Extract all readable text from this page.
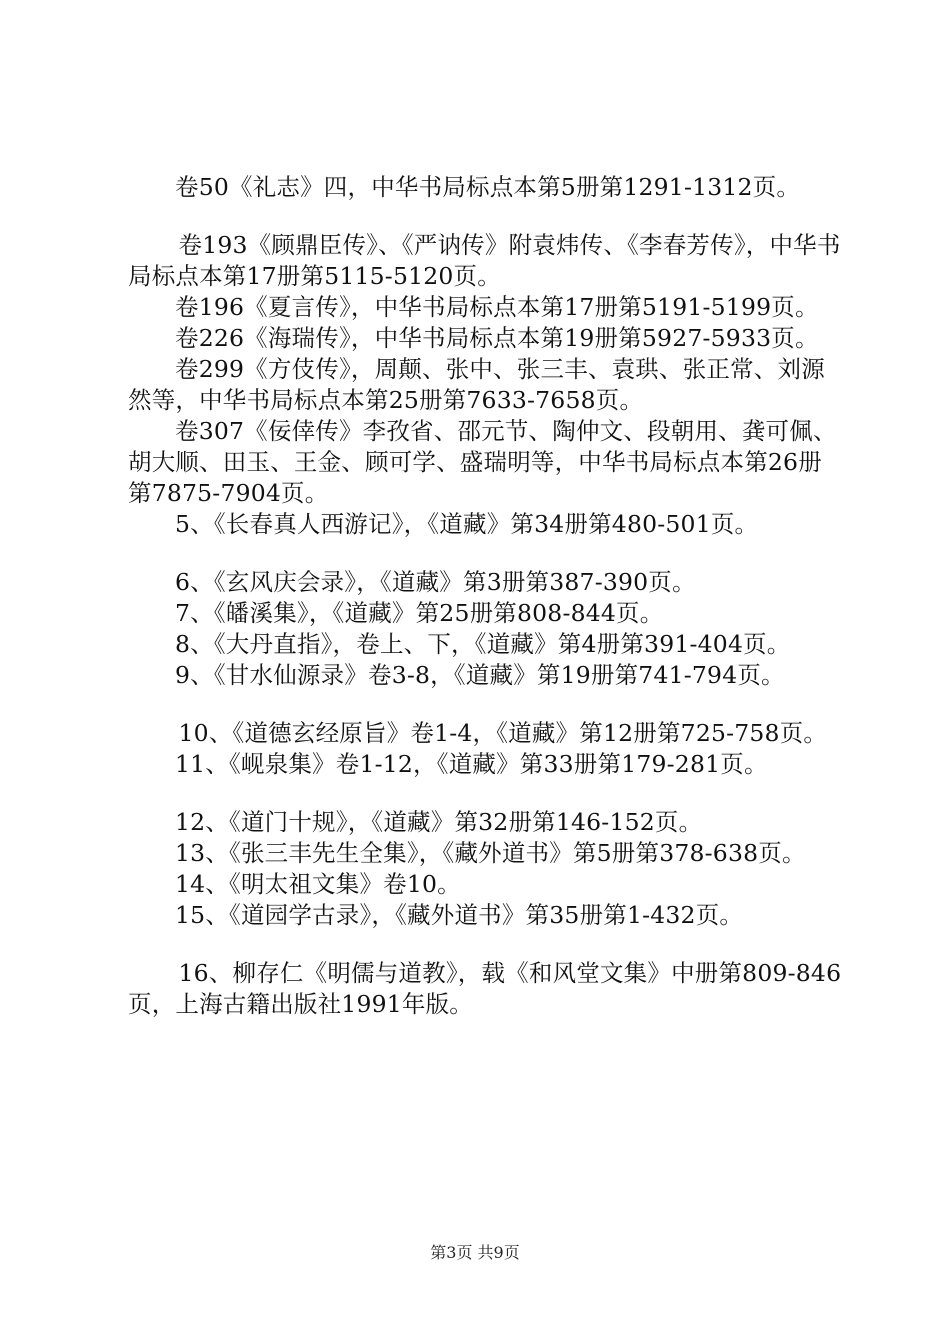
卷50《礼志》四，中华书局标点本第5册第1291-1312页。

卷193《顾鼎臣传》、《严讷传》附袁炜传、《李春芳传》，中华书局标点本第17册第5115-5120页。

卷196《夏言传》，中华书局标点本第17册第5191-5199页。

卷226《海瑞传》，中华书局标点本第19册第5927-5933页。

卷299《方伎传》，周颠、张中、张三丰、袁珙、张正常、刘源然等，中华书局标点本第25册第7633-7658页。

卷307《佞倖传》李孜省、邵元节、陶仲文、段朝用、龚可佩、胡大顺、田玉、王金、顾可学、盛瑞明等，中华书局标点本第26册第7875-7904页。

5、《长春真人西游记》，《道藏》第34册第480-501页。

6、《玄风庆会录》，《道藏》第3册第387-390页。

7、《皤溪集》，《道藏》第25册第808-844页。

8、《大丹直指》，卷上、下，《道藏》第4册第391-404页。

9、《甘水仙源录》卷3-8，《道藏》第19册第741-794页。

10、《道德玄经原旨》卷1-4，《道藏》第12册第725-758页。

11、《岘泉集》卷1-12，《道藏》第33册第179-281页。

12、《道门十规》，《道藏》第32册第146-152页。

13、《张三丰先生全集》，《藏外道书》第5册第378-638页。

14、《明太祖文集》卷10。

15、《道园学古录》，《藏外道书》第35册第1-432页。

16、柳存仁《明儒与道教》，载《和风堂文集》中册第809-846页，上海古籍出版社1991年版。

第3页 共9页
